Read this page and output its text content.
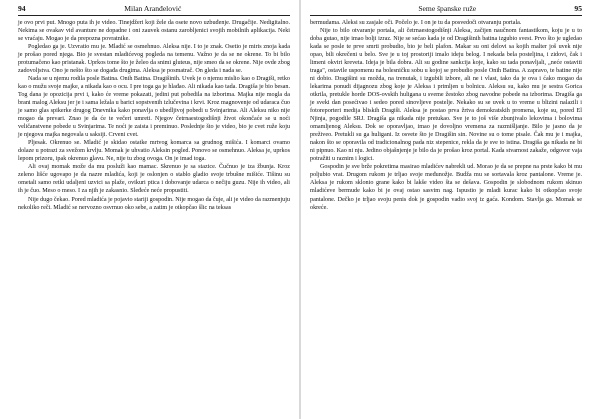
94	Milan Aranđelović

je ovo prvi put. Mnogo puta ih je video. Tinejdžeri koji žele da osete novo uzbuđenje. Drugačije. Nedigitalno. Nekima se ovakav vid avanture ne dopadne i oni zauvek ostanu zarobljenici svojih mobilnih aplikacija. Neki se vraćaju. Mogao je da prepozna povratnike.

Pogledao ga je. Uzvratio mu je. Mladić se osmehnuo. Aleksa nije. I to je znak. Osetio je miris znoja kada je prošao pored njega. Bio je svestan mladićevog pogleda na temenu. Važno je da se ne okrene. To bi bilo protumačeno kao pristanak. Uprkos tome što je želeo da snimi gluteus, nije smeo da se okrene. Nije ovde zbog zadovoljstva. Ono je nešto što se događa drugima. Aleksa je posmatrač. On gleda i nada se.

Nada se u njemu rodila posle Batina. Onih Batina. Dragišinih. Uvek je o njemu mislio kao o Dragiši, retko kao o mužu svoje majke, a nikada kao o ocu. I pre toga ga je hlađao. Ali nikada kao tada. Dragiša je bio besan. Tog dana je opozicija prvi i, kako će vreme pokazati, jedini put pobedila na izborima. Majka nije mogla da brani malog Aleksu jer je i sama ležala u barici sopstvenih izlučevina i krvi. Kroz magnovenje od udaraca čuo je samo glas spikerke drugog Dnevnika kako ponavlja o ubedljivoj pobedi u Svinjarima. Ali Aleksu niko nije mogao da prevari. Znao je da će te večeri umreti. Njegov četrnaestogodišnji život okončaće se u noći veličanstvene pobede u Svinjarima. Te noći je zaista i preminuo. Poslednje što je video, bio je cvet ruže koju je njegova majka negovala u saksiji. Crveni cvet.

Pljesak. Okrenuo se. Mladić je skidao ostatke mrtvog komarca sa grudnog mišića. I komarci ovamo dolaze u potrazi za svežom krvlju. Momak je uhvatio Aleksin pogled. Ponovo se osmehnuo. Aleksa je, uprkos lepom prizoru, ipak okrenuo glavu. Ne, nije tu zbog ovoga. On je imad toga.

Ali ovaj momak može da mu posluži kao mamac. Skrenuo je sa stazice. Čučnuo je iza žbunja. Kroz zeleno lišće ugovapo je da nazre mladića, koji je oslonjen o stablo gladio svoje trbušne mišiće. Tišinu su ometali samo retki udaljeni uzvici sa plaže, ovikuri ptica i dobovanje udarca o nečiju guzu. Nije ih video, ali ih je čuo. Meso o meso. I za njih je zakasnio. Sleđeće neće propustiti.

Nije dugo čekao. Pored mladića je pojavio stariji gospodin. Nije mogao da čuje, ali je video da razmenjuju nekoliko reči. Mladić se nervozno osvrnuo oko sebe, a zatim je otkopčao šlic na teksas

Seme španske ruže	95

bermudama. Aleksi su zasjale oči. Počelo je. I on je tu da posvedoči otvaranju portala.

Nije to bilo otvaranje portala, ali četrnaestogodišnji Aleksa, začijen naučnom fantastikom, koju je u to doba gutao, nije imao bolji izraz. Nije se sećao kada je od Dragišinih batina izgubio svest. Prvo što je ugledao kada se posle te prve smrti probudio, bio je beli plafon. Makar su oni delovi sa kojih malter još uvek nije opao, bili okrečeni u belo. Sve je u toj prostoriji imalo ideju belog. I nekada bela posteljina, i zidovi, čak i limeni okviri kreveta. Ideja je bila dobra. Ali su godine sankcija koje, kako su tada ponavljali, „neće ostaviti traga", ostavile uspomenu na bolesničku sobu u kojoj se probudio posle Onih Batina. A zapravo, te batine nije ni dobio. Dragišini su možda, na trenutak, i izgubili izbore, ali ne i vlast, tako da je ova i ćako mogao da lekarima ponudi dijagnozu zbog koje je Aleksa i primljen u bolnicu. Aleksu su, kako mu je sestra Gorica otkrila, pretukle horde DOS-ovskih huligana u sveme žestoko zbog navodne pobede na izborima. Dragiša ga je sveki dan posećivao i sedeo pored sinovljeve postelje. Nekako su se uvek u to vreme u blizini nalazili i fotoreporteri medija bliskih Dragiši. Aleksa je postao prva žrtva demokratskih promena, koje su, pored El Njinja, pogodile SRJ. Dragiša ga nikada nije pretukao. Sve je to još više zbunjivalo lekovima i bolovima omamljenog Aleksu. Dok se oporavljao, imao je dovoljno vremena za razmišljanje. Bilo je jasno da je preživeo. Pretukli su ga huligani. Iz osvete što je Dragišin sin. Novine su o tome pisale. Čak mu je i majka, nakon što se oporavila od tradicionalnog pada niz stepenice, rekla da je sve to istina. Dragiša ga nikada ne bi ni pipnuo. Kao ni nju. Jedino objašnjenje je bilo da je prošao kroz portal. Kada stvarnost zakaže, odgovor vaja potražiti u raznim i logici.

Gospodin je sve brže pokretima masirao mladićev nabrekli ud. Morao je da se prepne na prste kako bi mu poljubio vrat. Drugom rukom je trljao svoje međunožje. Budža mu se sortavala kroz pantalone. Vreme je. Aleksa je rukom sklonio grane kako bi lakše video šta se dešava. Gospodin je slobodnom rukom skinuo mladićeve bermude kako bi je ovaj ostao sasvim nag. Ispustio je mladi kurac kako bi otkopčao svoje pantalone. Dečko je trljao svoju penis dok je gospodin vadio svoj iz gaća. Kondom. Stavlja ga. Momak se okreće.
